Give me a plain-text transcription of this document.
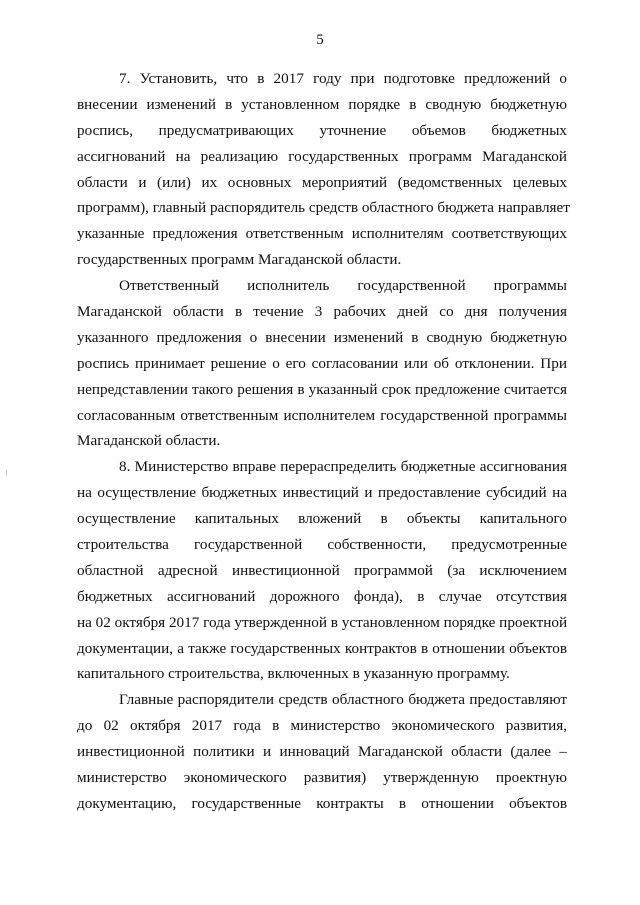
5
7. Установить, что в 2017 году при подготовке предложений о
внесении изменений в установленном порядке в сводную бюджетную
роспись, предусматривающих уточнение объемов бюджетных
ассигнований на реализацию государственных программ Магаданской
области и (или) их основных мероприятий (ведомственных целевых
программ), главный распорядитель средств областного бюджета направляет
указанные предложения ответственным исполнителям соответствующих
государственных программ Магаданской области.
Ответственный исполнитель государственной программы
Магаданской области в течение 3 рабочих дней со дня получения
указанного предложения о внесении изменений в сводную бюджетную
роспись принимает решение о его согласовании или об отклонении. При
непредставлении такого решения в указанный срок предложение считается
согласованным ответственным исполнителем государственной программы
Магаданской области.
8. Министерство вправе перераспределить бюджетные ассигнования
на осуществление бюджетных инвестиций и предоставление субсидий на
осуществление капитальных вложений в объекты капитального
строительства государственной собственности, предусмотренные
областной адресной инвестиционной программой (за исключением
бюджетных ассигнований дорожного фонда), в случае отсутствия
на 02 октября 2017 года утвержденной в установленном порядке проектной
документации, а также государственных контрактов в отношении объектов
капитального строительства, включенных в указанную программу.
Главные распорядители средств областного бюджета предоставляют
до 02 октября 2017 года в министерство экономического развития,
инвестиционной политики и инноваций Магаданской области (далее –
министерство экономического развития) утвержденную проектную
документацию, государственные контракты в отношении объектов
